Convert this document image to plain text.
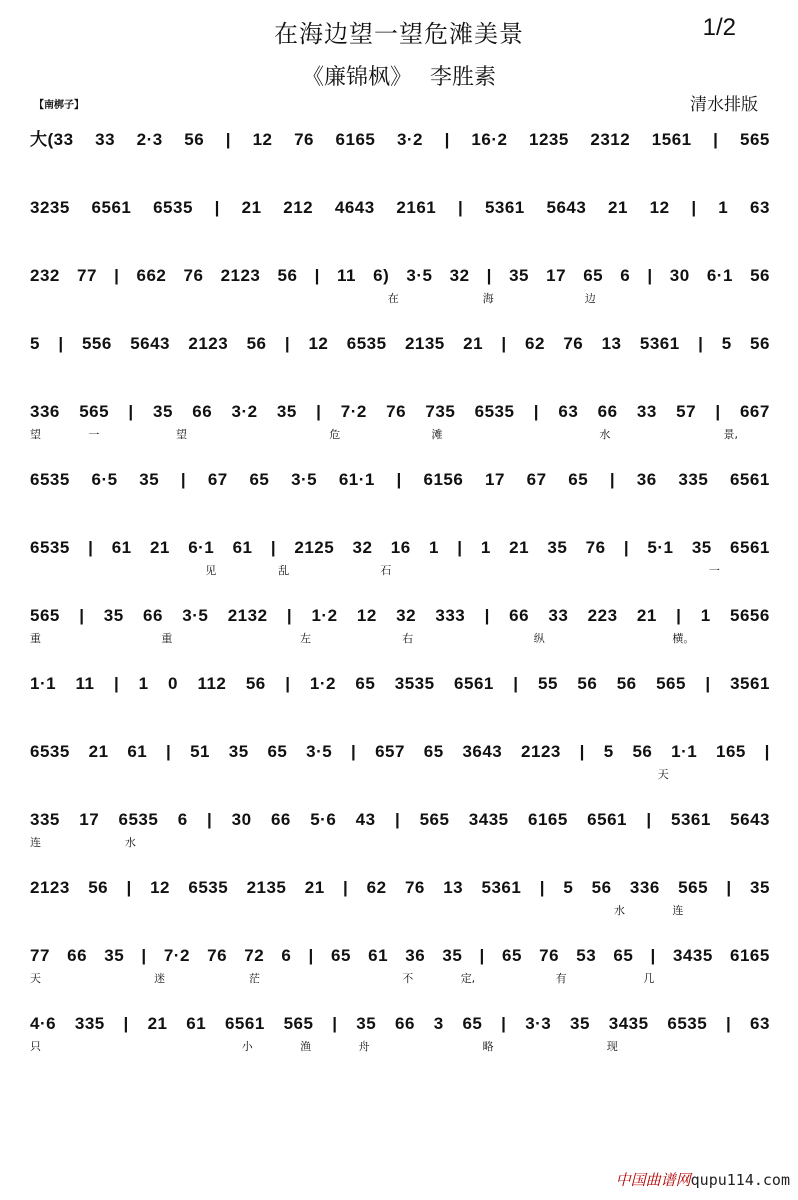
在海边望一望危滩美景	1/2
《廉锦枫》 李胜素
清水排版
【南梆子】
大(33 33 2·3 56 | 12 76 6165 3·2 | 16·2 1235 2312 1561 | 565
3235 6561 6535 | 21 212 4643 2161 | 5361 5643 21 12 | 1 63
232 77 | 662 76 2123 56 | 11 6) 3·5 32 | 35 17 65 6 | 30 6·1 56
在	海	边
5 | 556 5643 2123 56 | 12 6535 2135 21 | 62 76 13 5361 | 5 56
336 565 | 35 66 3·2 35 | 7·2 76 735 6535 | 63 66 33 57 | 667
望	一	望	危	滩	水	景,
6535 6·5 35 | 67 65 3·5 61·1 | 6156 17 67 65 | 36 335 6561
6535 | 61 21 6·1 61 | 2125 32 16 1 | 1 21 35 76 | 5·1 35 6561
见	乱	石	一
565 | 35 66 3·5 2132 | 1·2 12 32 333 | 66 33 223 21 | 1 5656
重	重	左	右	纵	横。
1·1 11 | 1 0 112 56 | 1·2 65 3535 6561 | 55 56 56 565 | 3561
6535 21 61 | 51 35 65 3·5 | 657 65 3643 2123 | 5 56 1·1 165 |
天
335 17 6535 6 | 30 66 5·6 43 | 565 3435 6165 6561 | 5361 5643
连	水
2123 56 | 12 6535 2135 21 | 62 76 13 5361 | 5 56 336 565 | 35
水	连
77 66 35 | 7·2 76 72 6 | 65 61 36 35 | 65 76 53 65 | 3435 6165
天	迷	茫	不	定,	有	几
4·6 335 | 21 61 6561 565 | 35 66 3 65 | 3·3 35 3435 6535 | 63
只	小	渔	舟	略	现
中国曲谱网qupu114.com
